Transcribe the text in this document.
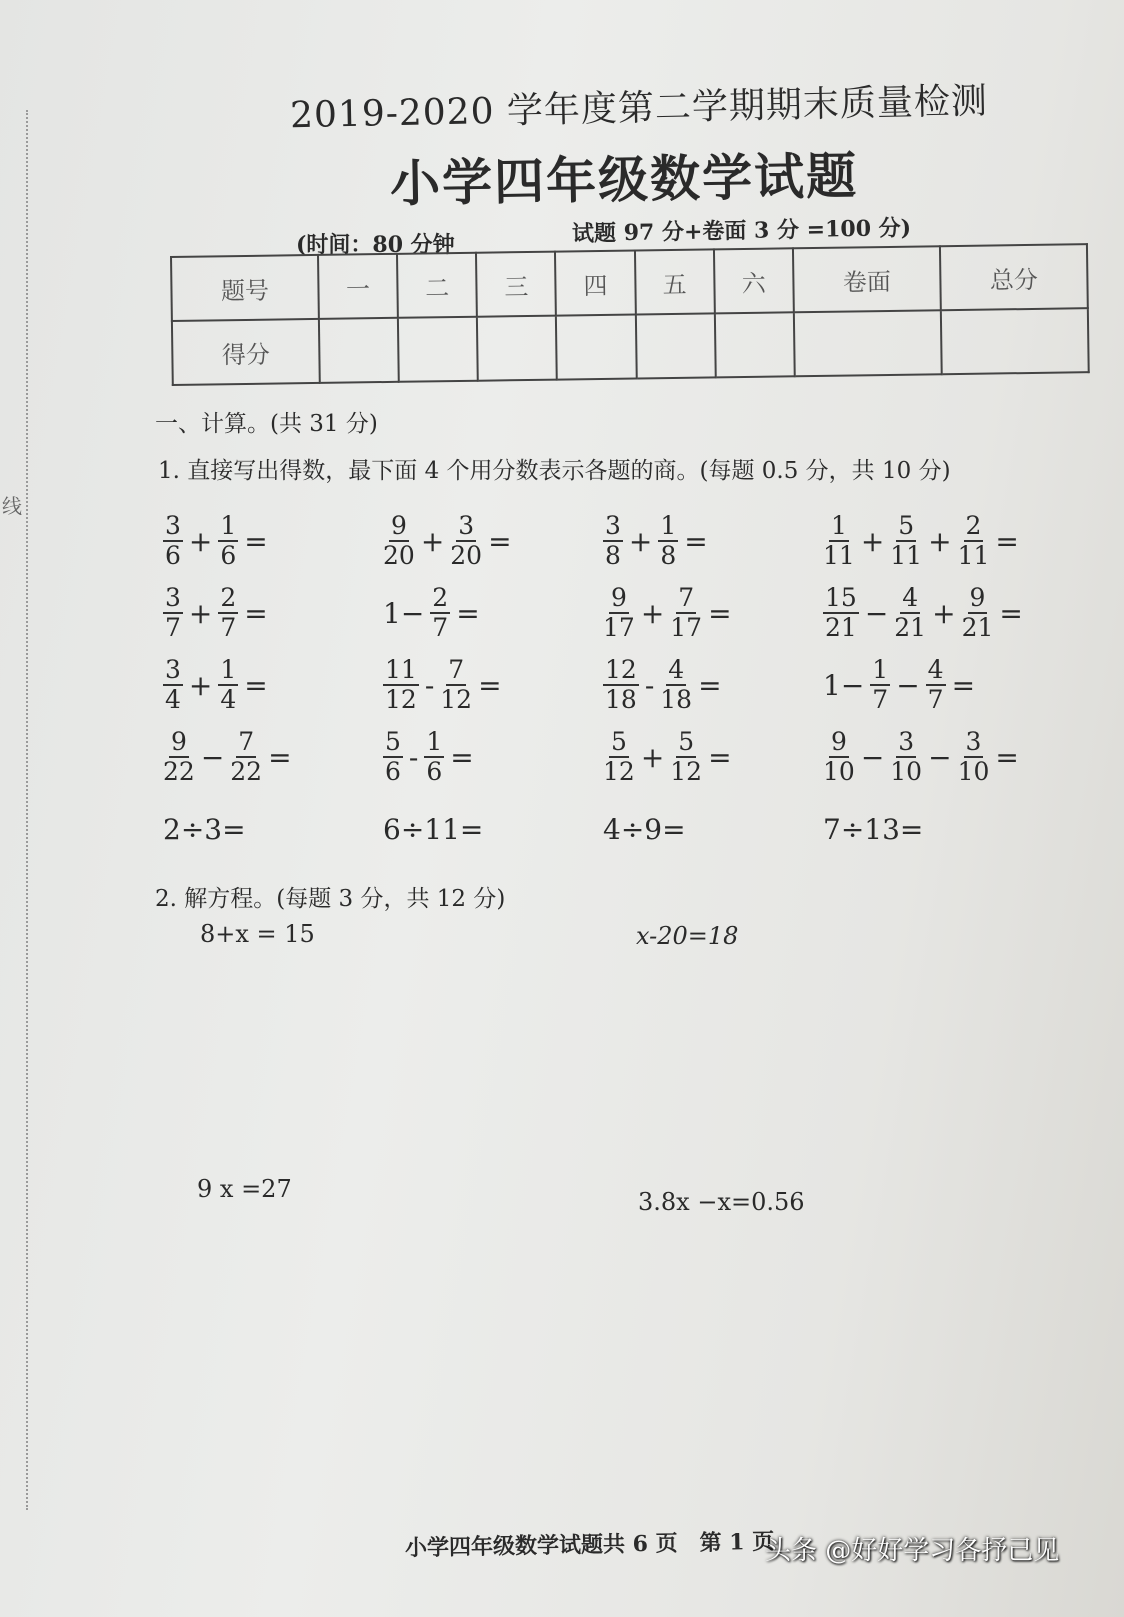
线
2019-2020 学年度第二学期期末质量检测
小学四年级数学试题
(时间：80 分钟	试题 97 分+卷面 3 分 =100 分)
题号	一	二	三	四	五	六	卷面	总分
得分								
一、计算。(共 31 分)
1. 直接写出得数，最下面 4 个用分数表示各题的商。(每题 0.5 分，共 10 分)
$\frac{3}{6} + \frac{1}{6}$ =	$\frac{9}{20} + \frac{3}{20}$ =	$\frac{3}{8} + \frac{1}{8}$ =	$\frac{1}{11} + \frac{5}{11} + \frac{2}{11}$ =
$\frac{3}{7} + \frac{2}{7}$ =	$1- \frac{2}{7}$ =	$\frac{9}{17} + \frac{7}{17}$ =	$\frac{15}{21} - \frac{4}{21} + \frac{9}{21}$ =
$\frac{3}{4} + \frac{1}{4}$ =	$\frac{11}{12} - \frac{7}{12}$ =	$\frac{12}{18} - \frac{4}{18}$ =	$1- \frac{1}{7} - \frac{4}{7}$ =
$\frac{9}{22} - \frac{7}{22}$ =	$\frac{5}{6} - \frac{1}{6}$ =	$\frac{5}{12} + \frac{5}{12}$ =	$\frac{9}{10} - \frac{3}{10} - \frac{3}{10}$ =
2÷3=	6÷11=	4÷9=	7÷13=
2. 解方程。(每题 3 分，共 12 分)
8+x = 15	x-20=18
9 x =27	3.8x −x=0.56
小学四年级数学试题共 6 页　第 1 页
头条 @好好学习各抒己见
